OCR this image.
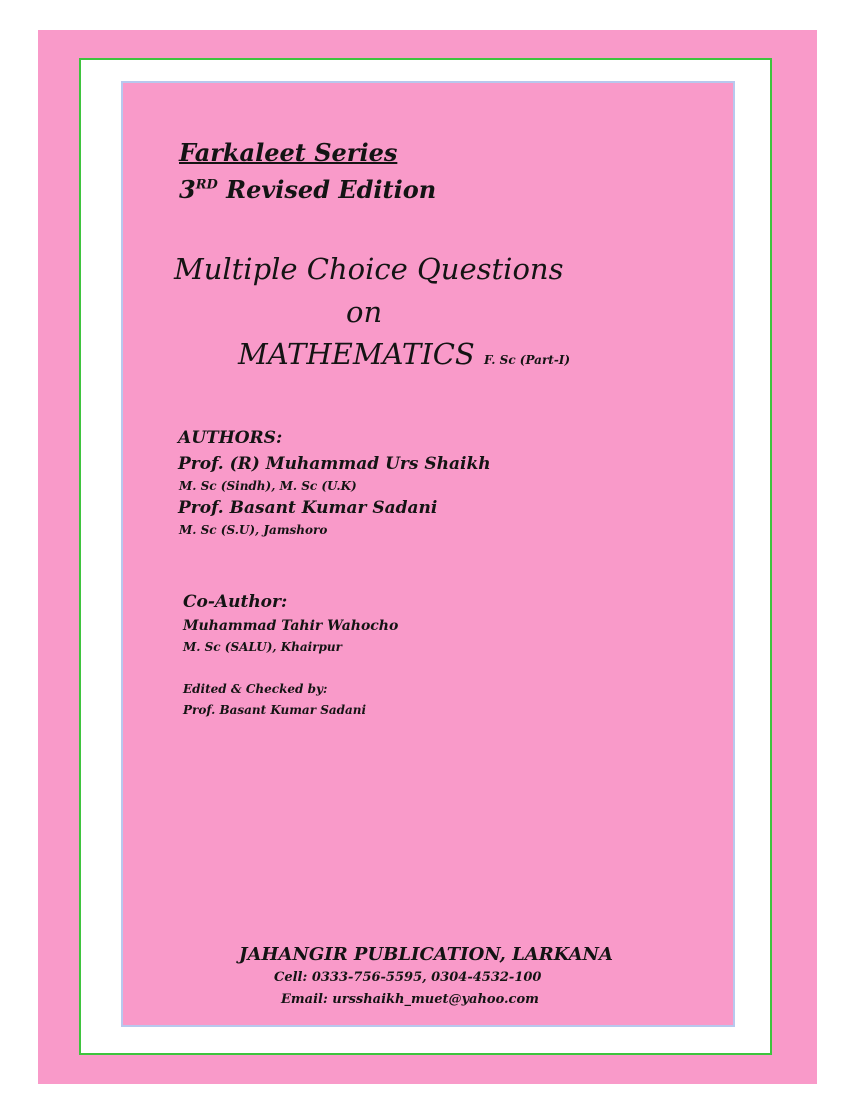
Farkaleet Series

3RD Revised Edition

Multiple Choice Questions

on

MATHEMATICS F. Sc (Part-I)

AUTHORS:

Prof. (R) Muhammad Urs Shaikh

M. Sc (Sindh), M. Sc (U.K)

Prof. Basant Kumar Sadani

M. Sc (S.U), Jamshoro

Co-Author:

Muhammad Tahir Wahocho

M. Sc (SALU), Khairpur

Edited & Checked by:

Prof. Basant Kumar Sadani

JAHANGIR PUBLICATION, LARKANA

Cell: 0333-756-5595, 0304-4532-100

Email: ursshaikh_muet@yahoo.com
